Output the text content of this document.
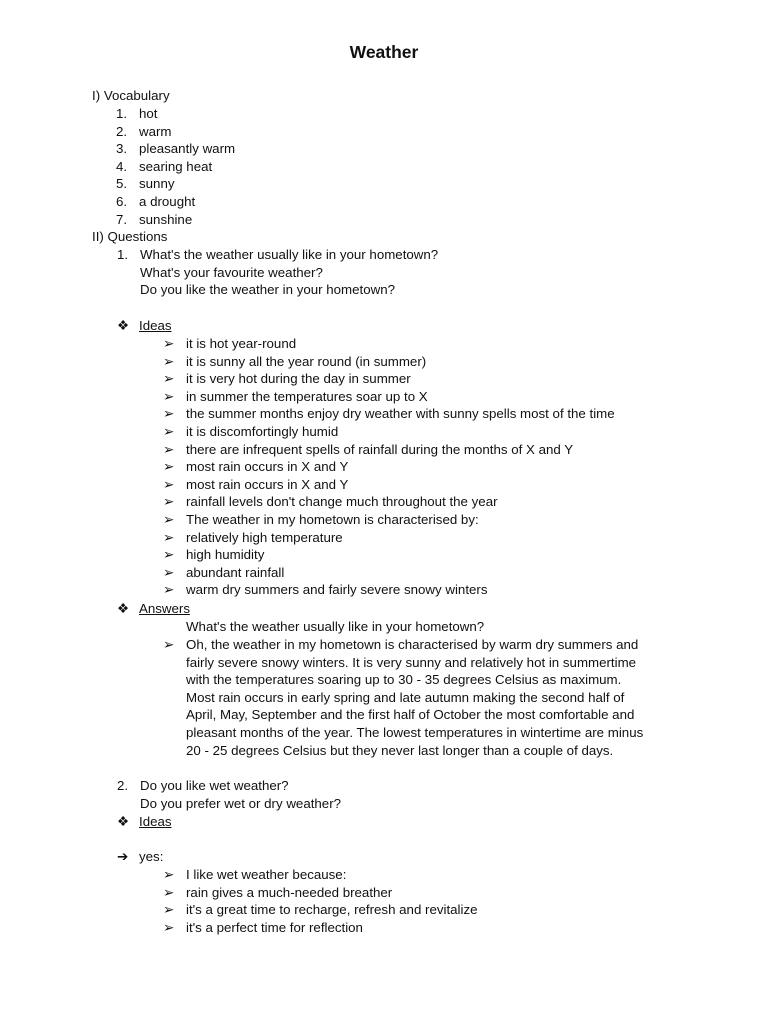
Weather
I) Vocabulary
1. hot
2. warm
3. pleasantly warm
4. searing heat
5. sunny
6. a drought
7. sunshine
II) Questions
1. What's the weather usually like in your hometown?
What's your favourite weather?
Do you like the weather in your hometown?
❖ Ideas
➢ it is hot year-round
➢ it is sunny all the year round (in summer)
➢ it is very hot during the day in summer
➢ in summer the temperatures soar up to X
➢ the summer months enjoy dry weather with sunny spells most of the time
➢ it is discomfortingly humid
➢ there are infrequent spells of rainfall during the months of X and Y
➢ most rain occurs in X and Y
➢ most rain occurs in X and Y
➢ rainfall levels don't change much throughout the year
➢ The weather in my hometown is characterised by:
➢ relatively high temperature
➢ high humidity
➢ abundant rainfall
➢ warm dry summers and fairly severe snowy winters
❖ Answers
What's the weather usually like in your hometown?
➢ Oh, the weather in my hometown is characterised by warm dry summers and
fairly severe snowy winters. It is very sunny and relatively hot in summertime
with the temperatures soaring up to 30 - 35 degrees Celsius as maximum.
Most rain occurs in early spring and late autumn making the second half of
April, May, September and the first half of October the most comfortable and
pleasant months of the year. The lowest temperatures in wintertime are minus
20 - 25 degrees Celsius but they never last longer than a couple of days.
2. Do you like wet weather?
Do you prefer wet or dry weather?
❖ Ideas
➔ yes:
➢ I like wet weather because:
➢ rain gives a much-needed breather
➢ it's a great time to recharge, refresh and revitalize
➢ it's a perfect time for reflection
